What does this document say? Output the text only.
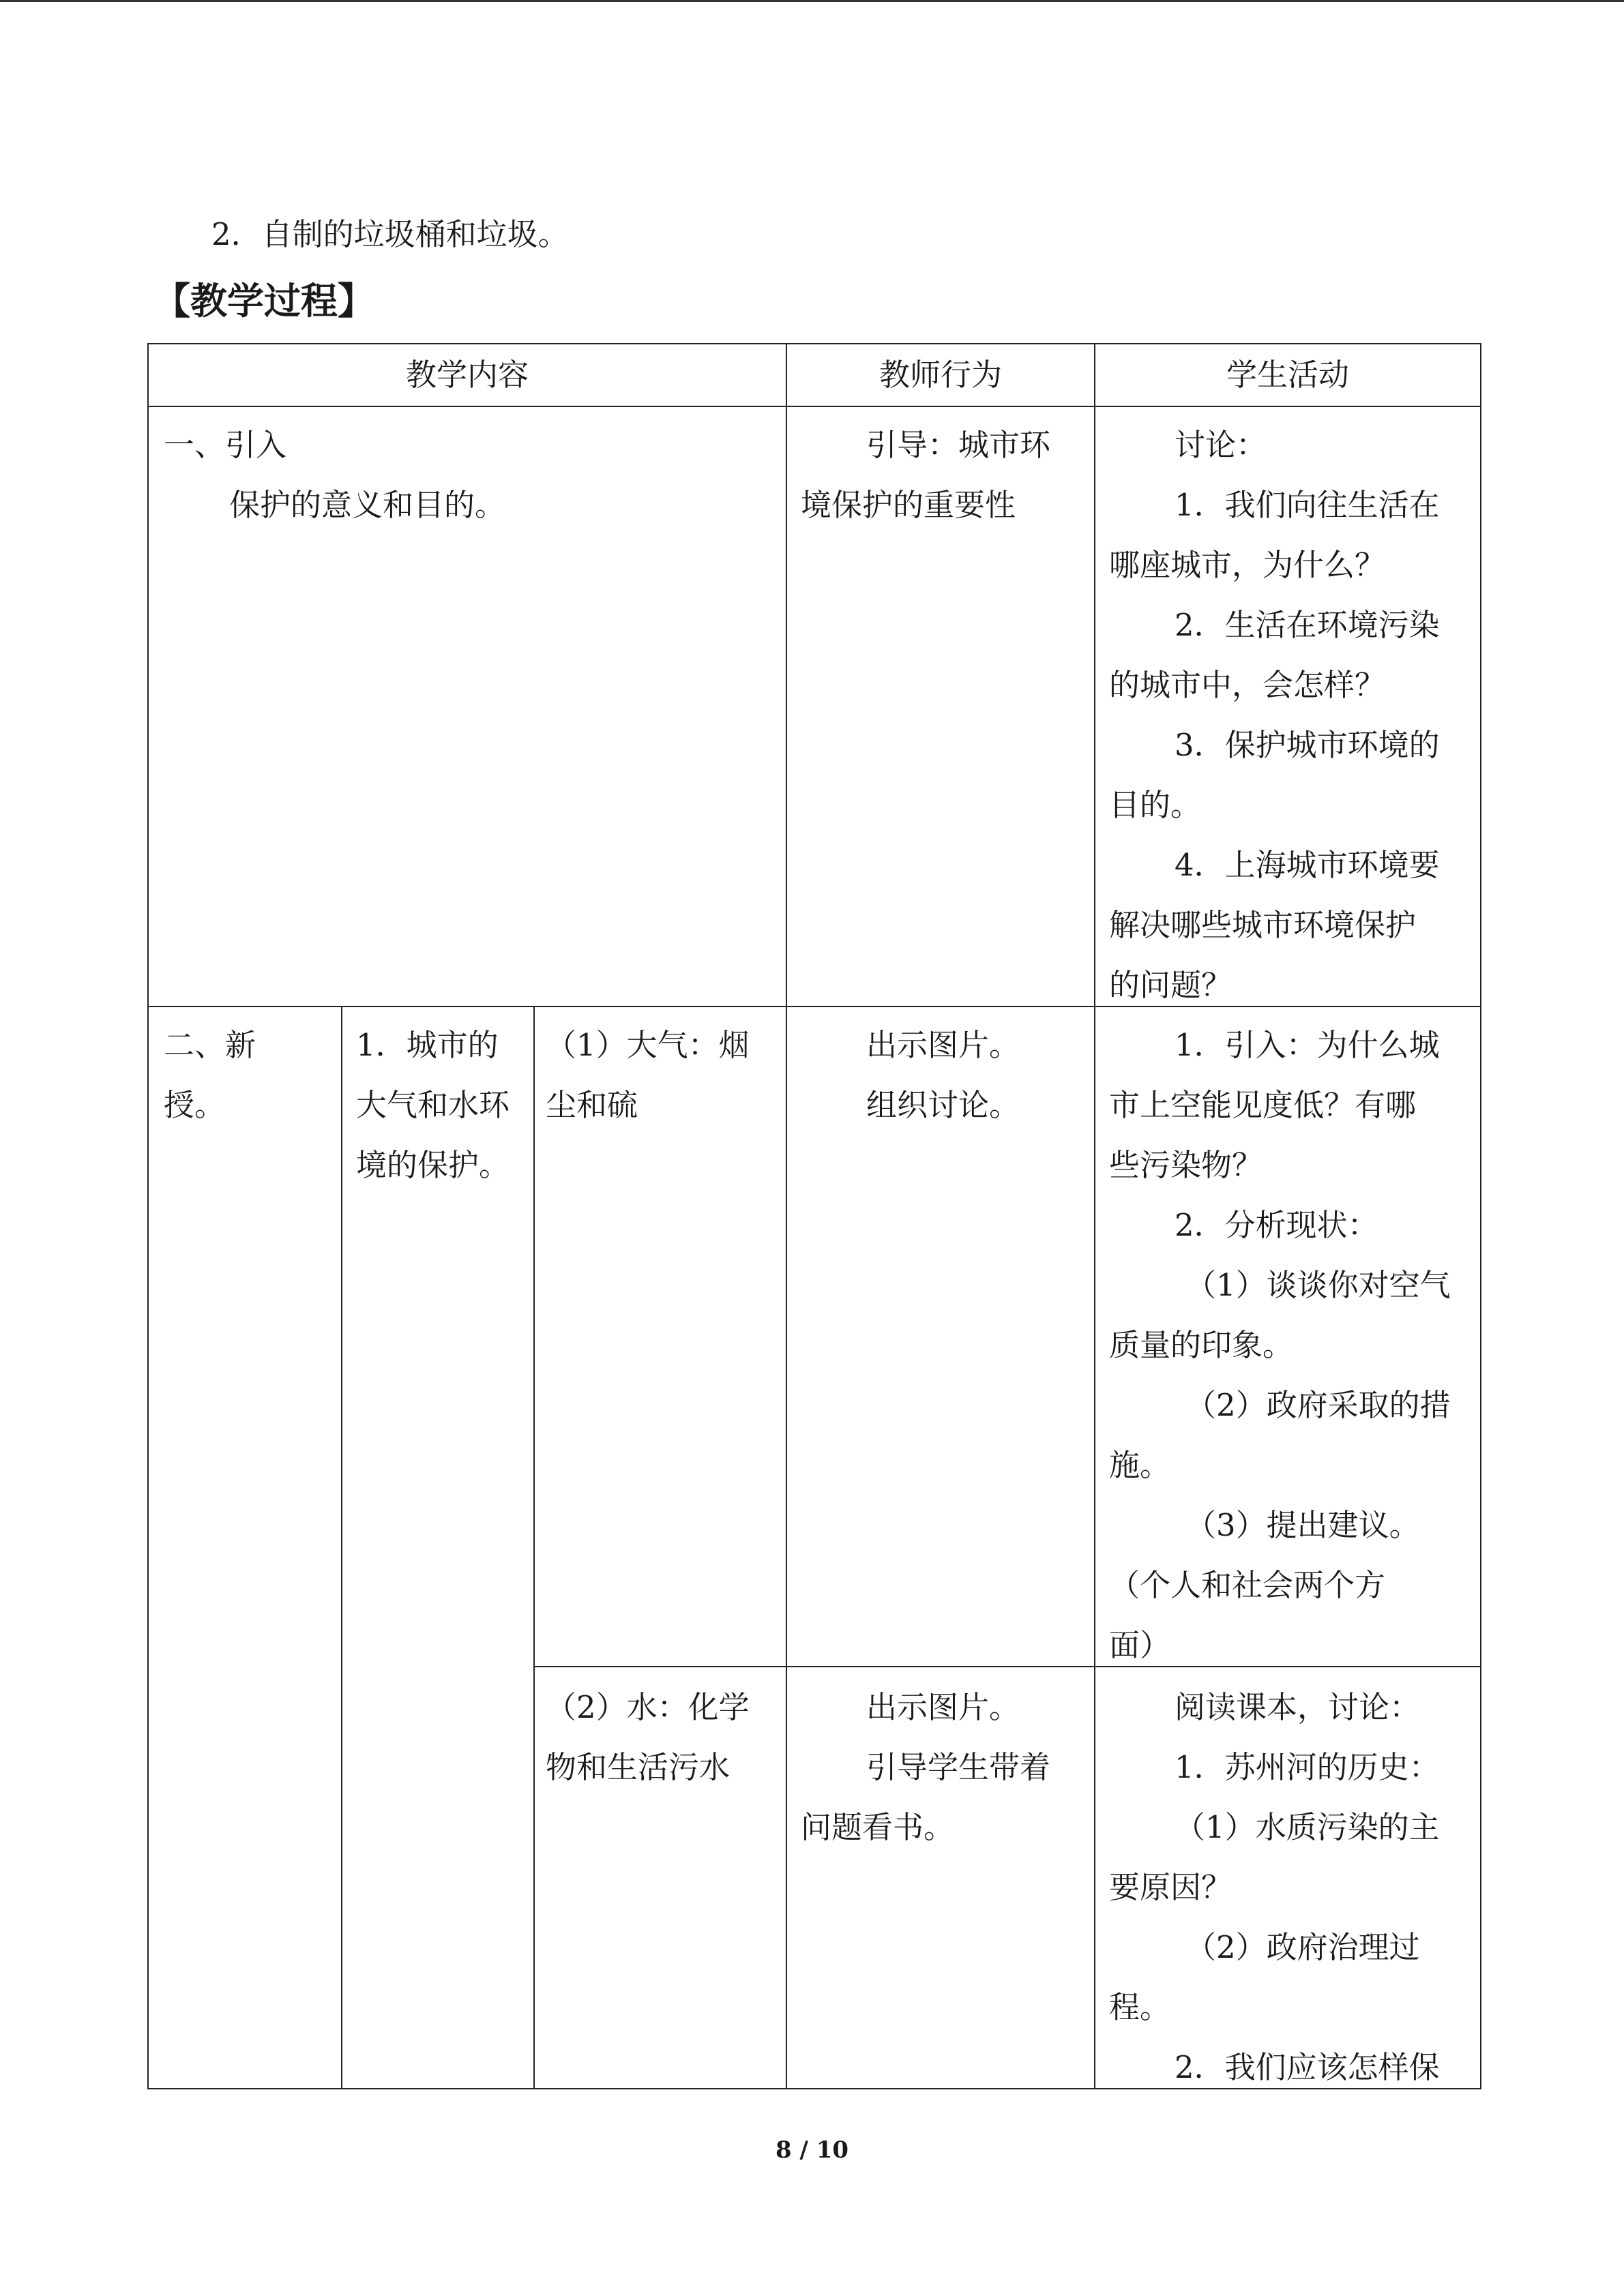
2．自制的垃圾桶和垃圾。
【教学过程】
教学内容	教师行为	学生活动
一、引入
保护的意义和目的。
引导：城市环
境保护的重要性
讨论：
1．我们向往生活在
哪座城市，为什么？
2．生活在环境污染
的城市中，会怎样？
3．保护城市环境的
目的。
4．上海城市环境要
解决哪些城市环境保护
的问题？
二、新
授。
1．城市的
大气和水环
境的保护。
（1）大气：烟
尘和硫
出示图片。
组织讨论。
1．引入：为什么城
市上空能见度低？有哪
些污染物？
2．分析现状：
（1）谈谈你对空气
质量的印象。
（2）政府采取的措
施。
（3）提出建议。
（个人和社会两个方
面）
（2）水：化学
物和生活污水
出示图片。
引导学生带着
问题看书。
阅读课本，讨论：
1．苏州河的历史：
（1）水质污染的主
要原因？
（2）政府治理过
程。
2．我们应该怎样保
8 / 10
